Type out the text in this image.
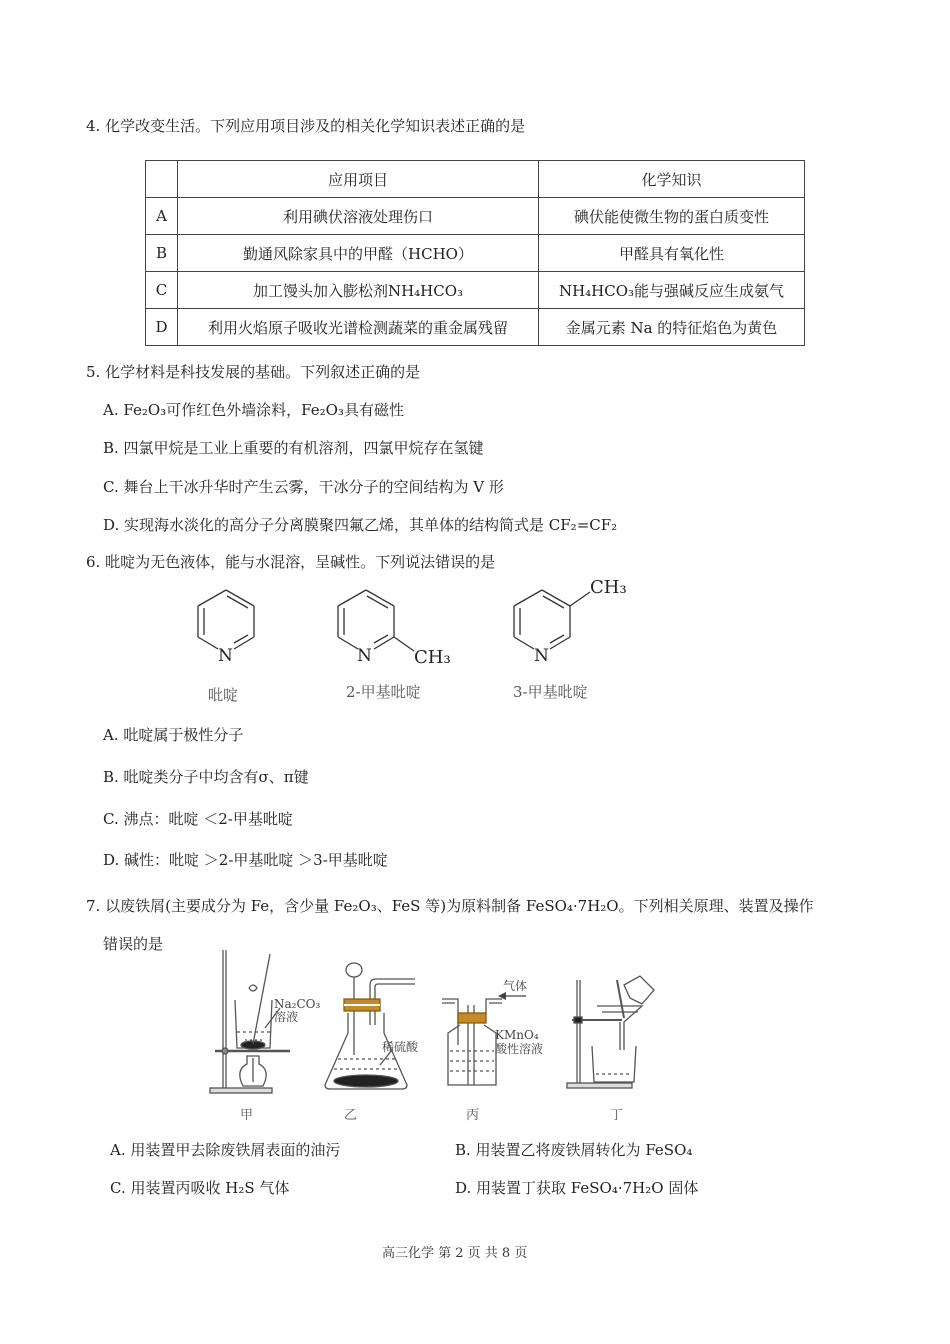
4. 化学改变生活。下列应用项目涉及的相关化学知识表述正确的是
	应用项目	化学知识
A	利用碘伏溶液处理伤口	碘伏能使微生物的蛋白质变性
B	勤通风除家具中的甲醛（HCHO）	甲醛具有氧化性
C	加工馒头加入膨松剂NH₄HCO₃	NH₄HCO₃能与强碱反应生成氨气
D	利用火焰原子吸收光谱检测蔬菜的重金属残留	金属元素 Na 的特征焰色为黄色
5. 化学材料是科技发展的基础。下列叙述正确的是
A. Fe₂O₃可作红色外墙涂料，Fe₂O₃具有磁性
B. 四氯甲烷是工业上重要的有机溶剂，四氯甲烷存在氢键
C. 舞台上干冰升华时产生云雾，干冰分子的空间结构为 V 形
D. 实现海水淡化的高分子分离膜聚四氟乙烯，其单体的结构简式是 CF₂=CF₂
6. 吡啶为无色液体，能与水混溶，呈碱性。下列说法错误的是
N
吡啶
N CH₃
2-甲基吡啶
N
CH₃
3-甲基吡啶
A. 吡啶属于极性分子
B. 吡啶类分子中均含有σ、π键
C. 沸点：吡啶 ＜2-甲基吡啶
D. 碱性：吡啶 ＞2-甲基吡啶 ＞3-甲基吡啶
7. 以废铁屑(主要成分为 Fe，含少量 Fe₂O₃、FeS 等)为原料制备 FeSO₄·7H₂O。下列相关原理、装置及操作
错误的是
Na₂CO₃
溶液
甲
稀硫酸
乙
气体
KMnO₄
酸性溶液
丙	丁
A. 用装置甲去除废铁屑表面的油污	B. 用装置乙将废铁屑转化为 FeSO₄
C. 用装置丙吸收 H₂S 气体	D. 用装置丁获取 FeSO₄·7H₂O 固体
高三化学 第 2 页 共 8 页
